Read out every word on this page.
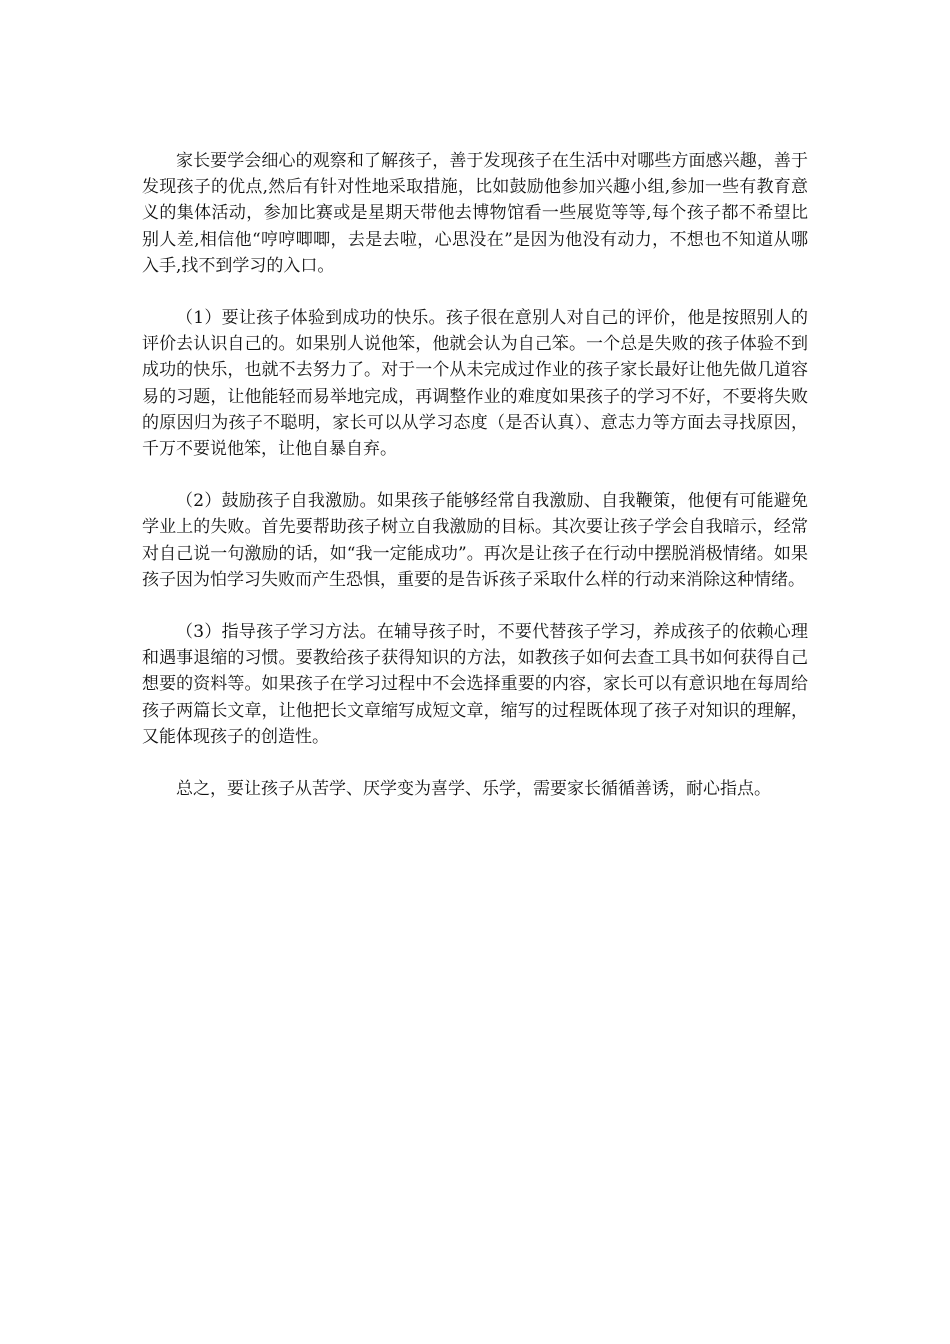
家长要学会细心的观察和了解孩子，善于发现孩子在生活中对哪些方面感兴趣，善于发现孩子的优点,然后有针对性地采取措施，比如鼓励他参加兴趣小组,参加一些有教育意义的集体活动，参加比赛或是星期天带他去博物馆看一些展览等等,每个孩子都不希望比别人差,相信他“哼哼唧唧，去是去啦，心思没在”是因为他没有动力，不想也不知道从哪入手,找不到学习的入口。

（1）要让孩子体验到成功的快乐。孩子很在意别人对自己的评价，他是按照别人的评价去认识自己的。如果别人说他笨，他就会认为自己笨。一个总是失败的孩子体验不到成功的快乐，也就不去努力了。对于一个从未完成过作业的孩子家长最好让他先做几道容易的习题，让他能轻而易举地完成，再调整作业的难度如果孩子的学习不好，不要将失败的原因归为孩子不聪明，家长可以从学习态度（是否认真）、意志力等方面去寻找原因，千万不要说他笨，让他自暴自弃。

（2）鼓励孩子自我激励。如果孩子能够经常自我激励、自我鞭策，他便有可能避免学业上的失败。首先要帮助孩子树立自我激励的目标。其次要让孩子学会自我暗示，经常对自己说一句激励的话，如“我一定能成功”。再次是让孩子在行动中摆脱消极情绪。如果孩子因为怕学习失败而产生恐惧，重要的是告诉孩子采取什么样的行动来消除这种情绪。

（3）指导孩子学习方法。在辅导孩子时，不要代替孩子学习，养成孩子的依赖心理和遇事退缩的习惯。要教给孩子获得知识的方法，如教孩子如何去查工具书如何获得自己想要的资料等。如果孩子在学习过程中不会选择重要的内容，家长可以有意识地在每周给孩子两篇长文章，让他把长文章缩写成短文章，缩写的过程既体现了孩子对知识的理解，又能体现孩子的创造性。

总之，要让孩子从苦学、厌学变为喜学、乐学，需要家长循循善诱，耐心指点。
